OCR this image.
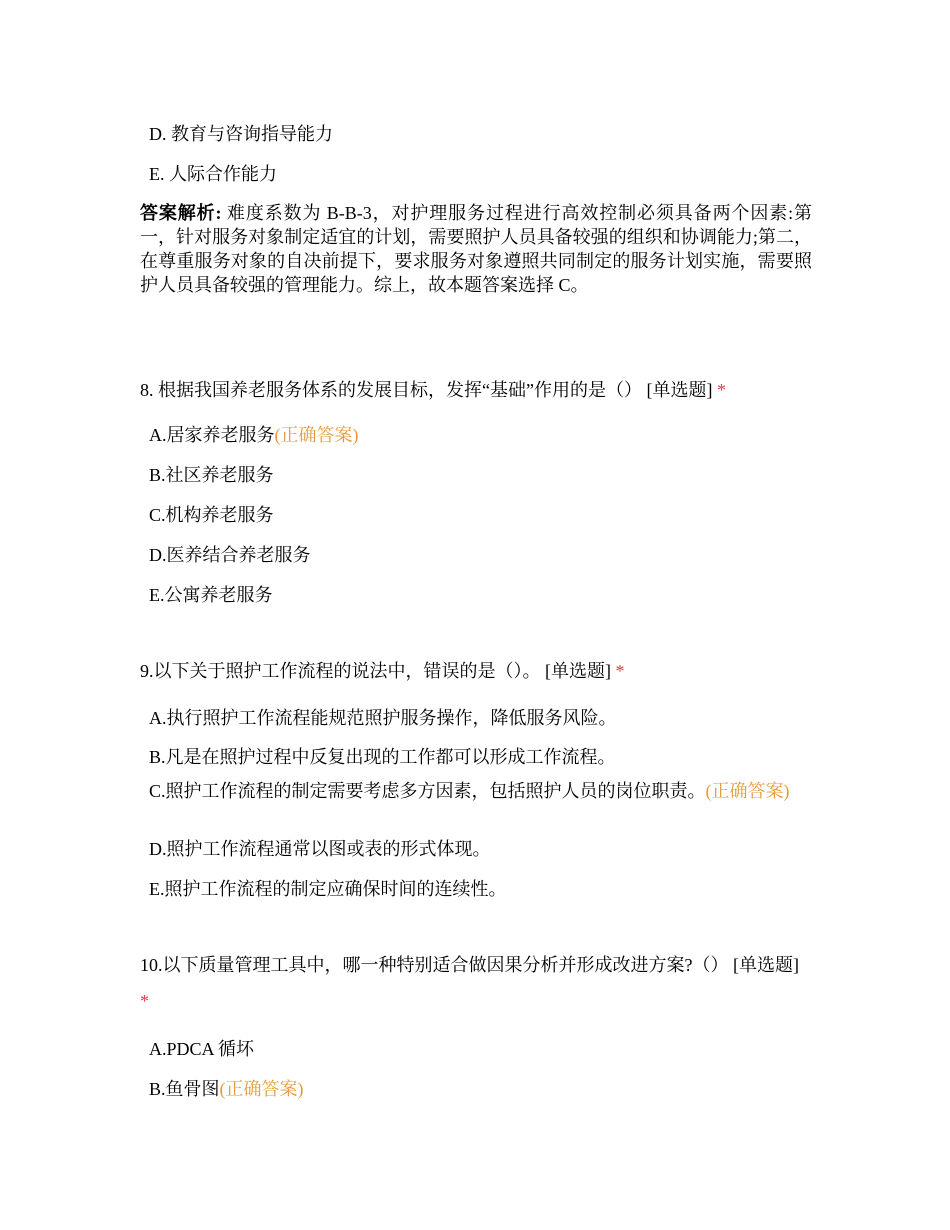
D. 教育与咨询指导能力
E. 人际合作能力
答案解析: 难度系数为 B-B-3，对护理服务过程进行高效控制必须具备两个因素:第一，针对服务对象制定适宜的计划，需要照护人员具备较强的组织和协调能力;第二，在尊重服务对象的自决前提下，要求服务对象遵照共同制定的服务计划实施，需要照护人员具备较强的管理能力。综上，故本题答案选择 C。
8. 根据我国养老服务体系的发展目标，发挥“基础”作用的是（） [单选题] *
A.居家养老服务(正确答案)
B.社区养老服务
C.机构养老服务
D.医养结合养老服务
E.公寓养老服务
9.以下关于照护工作流程的说法中，错误的是（）。 [单选题] *
A.执行照护工作流程能规范照护服务操作，降低服务风险。
B.凡是在照护过程中反复出现的工作都可以形成工作流程。
C.照护工作流程的制定需要考虑多方因素，包括照护人员的岗位职责。(正确答案)
D.照护工作流程通常以图或表的形式体现。
E.照护工作流程的制定应确保时间的连续性。
10.以下质量管理工具中，哪一种特别适合做因果分析并形成改进方案?（） [单选题] *
A.PDCA 循坏
B.鱼骨图(正确答案)
